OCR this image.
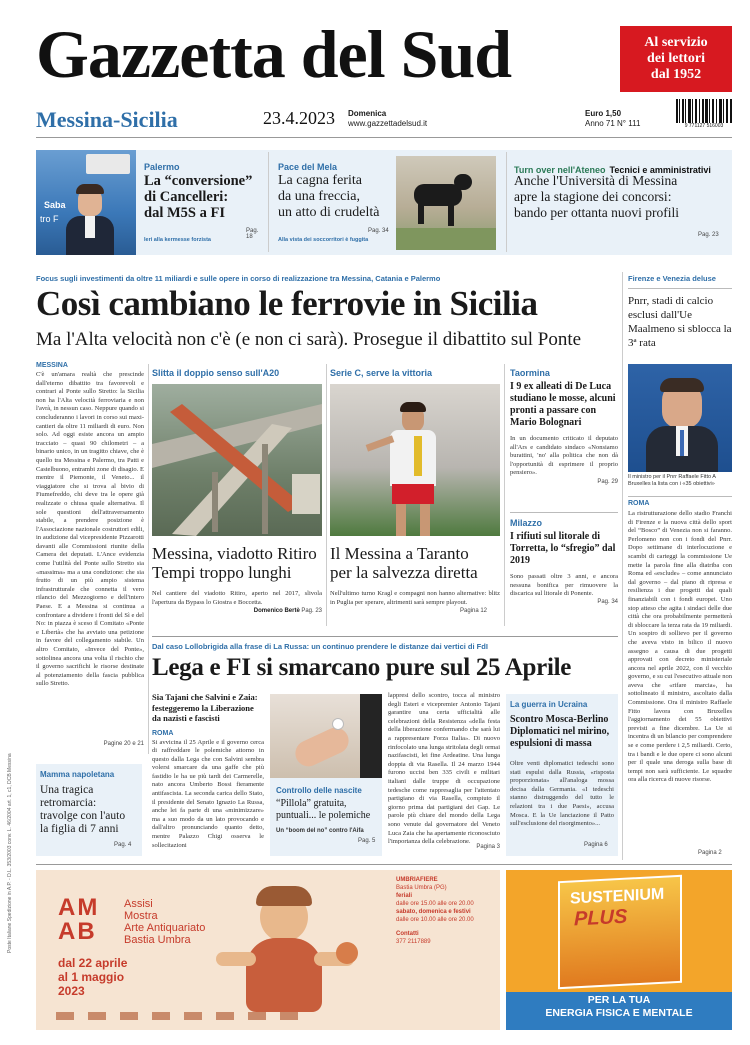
Gazzetta del Sud	Al servizio
dei lettori
dal 1952
Messina-Sicilia	23.4.2023 Domenica
www.gazzettadelsud.it
Euro 1,50
Anno 71 N° 111	9 771127 516003
Saba
tro F
Palermo
La “conversione”
di Cancelleri:
dal M5S a FI
Pag. 18
Ieri alla kermesse forzista
Pace del Mela
La cagna ferita
da una freccia,
un atto di crudeltà
Pag. 34
Alla vista dei soccorritori è fuggita
Turn over nell'Ateneo Tecnici e amministrativi
Anche l'Università di Messina
apre la stagione dei concorsi:
bando per ottanta nuovi profili
Pag. 23
Focus sugli investimenti da oltre 11 miliardi e sulle opere in corso di realizzazione tra Messina, Catania e Palermo
Così cambiano le ferrovie in Sicilia
Ma l'Alta velocità non c'è (e non ci sarà). Prosegue il dibattito sul Ponte
MESSINA
C'è un'amara realtà che prescinde dall'eterno dibattito tra favorevoli e contrari al Ponte sullo Stretto: la Sicilia non ha l'Alta velocità ferroviaria e non l'avrà, in nessun caso. Neppure quando si concluderanno i lavori in corso sui maxi-cantieri da oltre 11 miliardi di euro. Non solo. Ad oggi esiste ancora un ampio tracciato – quasi 90 chilometri – a binario unico, in un tragitto chiave, che è quello tra Messina e Palermo, tra Patti e Castelbuono, entrambi zone di disagio. E mentre il Piemonte, il Veneto... il viaggiatore che si trova al bivio di Fiumefreddo, chi deve tra le opere già realizzate o chiusa quale alternativa. Il sole questioni dell'attraversamento stabile, a prendere posizione è l'Associazione nazionale costruttori edili, in audizione dal vicepresidente Pizzarotti davanti alle Commissioni riunite della Camera dei deputati. L'Ance evidenzia come l'utilità del Ponte sullo Stretto sia «massima» ma a una condizione: che sia frutto di un più ampio sistema infrastrutturale che connetta il vero rilancio del Mezzogiorno e dell'intero Paese. E a Messina si continua a confrontare a dividere i fronti del Sì e del No: in piazza è sceso il Comitato «Ponte e Libertà» che ha avviato una petizione in favore del collegamento stabile. Un altro Comitato, «Invece del Ponte», sottolinea ancora una volta il rischio che il governo sacrifichi le risorse destinate al potenziamento della fascia pubblica sullo Stretto.
Pagine 20 e 21
Slitta il doppio senso sull'A20
Messina, viadotto Ritiro
Tempi troppo lunghi
Nel cantiere del viadotto Ritiro, aperto nel 2017, slivola l'apertura da Bypass lo Giostra e Boccetta.
Domenico Bertè Pag. 23
Serie C, serve la vittoria
Il Messina a Taranto
per la salvezza diretta
Nell'ultimo turno Kragl e compagni non hanno alternative: blitz in Puglia per sperare, altrimenti sarà sempre playout.
Pagina 12
Taormina
I 9 ex alleati di De Luca studiano le mosse, alcuni pronti a passare con Mario Bolognari
In un documento criticato il deputato all'Ars e candidato sindaco «Nonsiamo burattini, 'no' alla politica che non dà l'opportunità di esprimere il proprio pensiero».
Pag. 29
Milazzo
I rifiuti sul litorale di Torretta, lo “sfregio” dal 2019
Sono passati oltre 3 anni, e ancora nessuna bonifica per rimuovere la discarica sul litorale di Ponente.
Pag. 34
Firenze e Venezia deluse
Pnrr, stadi di calcio esclusi dall'Ue Maalmeno si sblocca la 3ª rata
Il ministro per il Pnrr Raffaele Fitto A Bruxelles la lista con i «35 obiettivi»
ROMA
La ristrutturazione dello stadio Franchi di Firenze e la nuova città dello sport del “Bosco” di Venezia non si faranno. Perlomeno non con i fondi del Pnrr. Dopo settimane di interlocuzione e scambi di carteggi la commissione Ue mette la parola fine alla diatriba con Roma ed «esclude» – come annunciato dal governo – dal piano di ripresa e resilienza i due progetti dai quali finanziabili con i fondi europei. Uno stop atteso che agita i sindaci delle due città che ora probabilmente permetterà di sbloccare la terza rata da 19 miliardi. Un sospiro di sollievo per il governo che aveva visto in bilico il nuovo assegno a causa di due progetti approvati con decreto ministeriale ancora nel aprile 2022, con il vecchio governo, e su cui l'esecutivo attuale non aveva che «rifare marcia», ha sottolineato il ministro, ascoltato dalla Commissione. Ora il ministro Raffaele Fitto lavora con Bruxelles l'aggiornamento dei 55 obiettivi previsti a fine dicembre. La Ue si incentra di un bilancio per comprendere se e come perdere i 2,5 miliardi. Certo, tra i bandi e le due opere ci sono alcuni per il quale una deroga sulla base di tempi non sarà sufficiente. Le squadre ora alla ricerca di nuove risorse.
Pagina 2
Dal caso Lollobrigida alla frase di La Russa: un continuo prendere le distanze dai vertici di FdI
Lega e FI si smarcano pure sul 25 Aprile
Sia Tajani che Salvini e Zaia: festeggeremo la Liberazione da nazisti e fascisti
ROMA
Si avvicina il 25 Aprile e il governo cerca di raffreddare le polemiche attorno in questo dalla Lega che con Salvini sembra volersi smarcare da una gaffe che più fastidio le ha ue più tardi dei Carmerelle, nato ancora Umberto Bossi fieramente antifascista. La seconda carica dello Stato, il presidente del Senato Ignazio La Russa, anche lei fa parte di una «minimizzare» ma a suo modo da un lato provocando e dall'altro pronunciando quanto detto, mentre Palazzo Chigi osserva le sollecitazioni
Controllo delle nascite
“Pillola” gratuita,
puntuali... le polemiche
Un “boom del no” contro l'Aifa
Pag. 5
lappresi dello scontro, tocca al ministro degli Esteri e vicepremier Antonio Tajani garantire una certa ufficialità alle celebrazioni della Resistenza «della festa della liberazione confermando che sarà lui a rappresentare Forza Italia». Di nuovo rinfocolato una lunga stritolata degli ormai nazifascisti, lei fine Ardeatine. Una lunga doppia di via Rasella. Il 24 marzo 1944 furono uccisi ben 335 civili e militari italiani dalle truppe di occupazione tedesche come rappresaglia per l'attentato partigiano di via Rasella, compiuto il giorno prima dai partigiani dei Gap. Le parole più chiare del mondo della Lega sono venute dal governatore del Veneto Luca Zaia che ha apertamente riconosciuto l'importanza della celebrazione.
Pagina 3
La guerra in Ucraina
Scontro Mosca-Berlino Diplomatici nel mirino, espulsioni di massa
Oltre venti diplomatici tedeschi sono stati espulsi dalla Russia, «risposta proporzionata» all'analoga mossa decisa dalla Germania. «I tedeschi stanno distruggendo del tutto le relazioni tra i due Paesi», accusa Mosca. E la Ue lanciazione il Patto sull'esclusione del risorgimento»...
Pagina 6
Mamma napoletana
Una tragica
retromarcia:
travolge con l'auto
la figlia di 7 anni
Pag. 4
Poste Italiane Spedizione in A.P. - D.L. 353/2003 conv. L. 46/2004 art. 1, c1, DCB Messina AM
AB
Assisi
Mostra
Arte Antiquariato
Bastia Umbra
dal 22 aprile
al 1 maggio
2023
UMBRIAFIERE
Bastia Umbra (PG)
feriali
dalle ore 15.00 alle ore 20.00
sabato, domenica e festivi
dalle ore 10.00 alle ore 20.00
Contatti
377 2117889
SUSTENIUM
PLUS
PER LA TUA
ENERGIA FISICA E MENTALE
